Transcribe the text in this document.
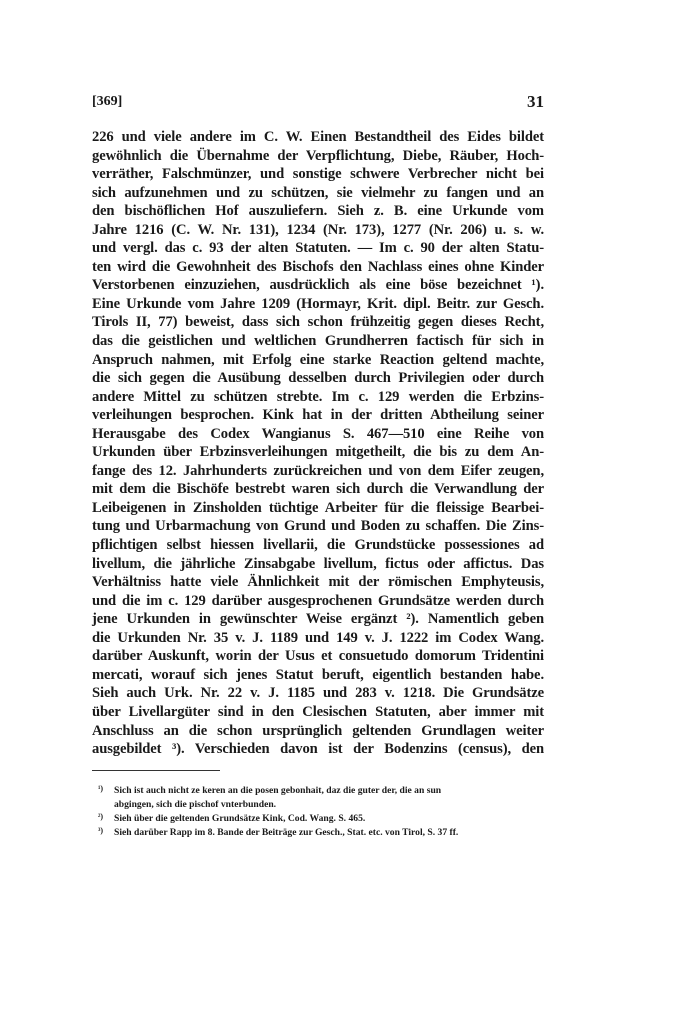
[369]	31
226 und viele andere im C. W. Einen Bestandtheil des Eides bildet
gewöhnlich die Übernahme der Verpflichtung, Diebe, Räuber, Hoch-
verräther, Falschmünzer, und sonstige schwere Verbrecher nicht bei
sich aufzunehmen und zu schützen, sie vielmehr zu fangen und an
den bischöflichen Hof auszuliefern. Sieh z. B. eine Urkunde vom
Jahre 1216 (C. W. Nr. 131), 1234 (Nr. 173), 1277 (Nr. 206) u. s. w.
und vergl. das c. 93 der alten Statuten. — Im c. 90 der alten Statu-
ten wird die Gewohnheit des Bischofs den Nachlass eines ohne Kinder
Verstorbenen einzuziehen, ausdrücklich als eine böse bezeichnet ¹).
Eine Urkunde vom Jahre 1209 (Hormayr, Krit. dipl. Beitr. zur Gesch.
Tirols II, 77) beweist, dass sich schon frühzeitig gegen dieses Recht,
das die geistlichen und weltlichen Grundherren factisch für sich in
Anspruch nahmen, mit Erfolg eine starke Reaction geltend machte,
die sich gegen die Ausübung desselben durch Privilegien oder durch
andere Mittel zu schützen strebte. Im c. 129 werden die Erbzins-
verleihungen besprochen. Kink hat in der dritten Abtheilung seiner
Herausgabe des Codex Wangianus S. 467—510 eine Reihe von
Urkunden über Erbzinsverleihungen mitgetheilt, die bis zu dem An-
fange des 12. Jahrhunderts zurückreichen und von dem Eifer zeugen,
mit dem die Bischöfe bestrebt waren sich durch die Verwandlung der
Leibeigenen in Zinsholden tüchtige Arbeiter für die fleissige Bearbei-
tung und Urbarmachung von Grund und Boden zu schaffen. Die Zins-
pflichtigen selbst hiessen livellarii, die Grundstücke possessiones ad
livellum, die jährliche Zinsabgabe livellum, fictus oder affictus. Das
Verhältniss hatte viele Ähnlichkeit mit der römischen Emphyteusis,
und die im c. 129 darüber ausgesprochenen Grundsätze werden durch
jene Urkunden in gewünschter Weise ergänzt ²). Namentlich geben
die Urkunden Nr. 35 v. J. 1189 und 149 v. J. 1222 im Codex Wang.
darüber Auskunft, worin der Usus et consuetudo domorum Tridentini
mercati, worauf sich jenes Statut beruft, eigentlich bestanden habe.
Sieh auch Urk. Nr. 22 v. J. 1185 und 283 v. 1218. Die Grundsätze
über Livellargüter sind in den Clesischen Statuten, aber immer mit
Anschluss an die schon ursprünglich geltenden Grundlagen weiter
ausgebildet ³). Verschieden davon ist der Bodenzins (census), den
¹) Sich ist auch nicht ze keren an die posen gebonhait, daz die guter der, die an sun
abgingen, sich die pischof vnterbunden.
²) Sieh über die geltenden Grundsätze Kink, Cod. Wang. S. 465.
³) Sieh darüber Rapp im 8. Bande der Beiträge zur Gesch., Stat. etc. von Tirol, S. 37 ff.
